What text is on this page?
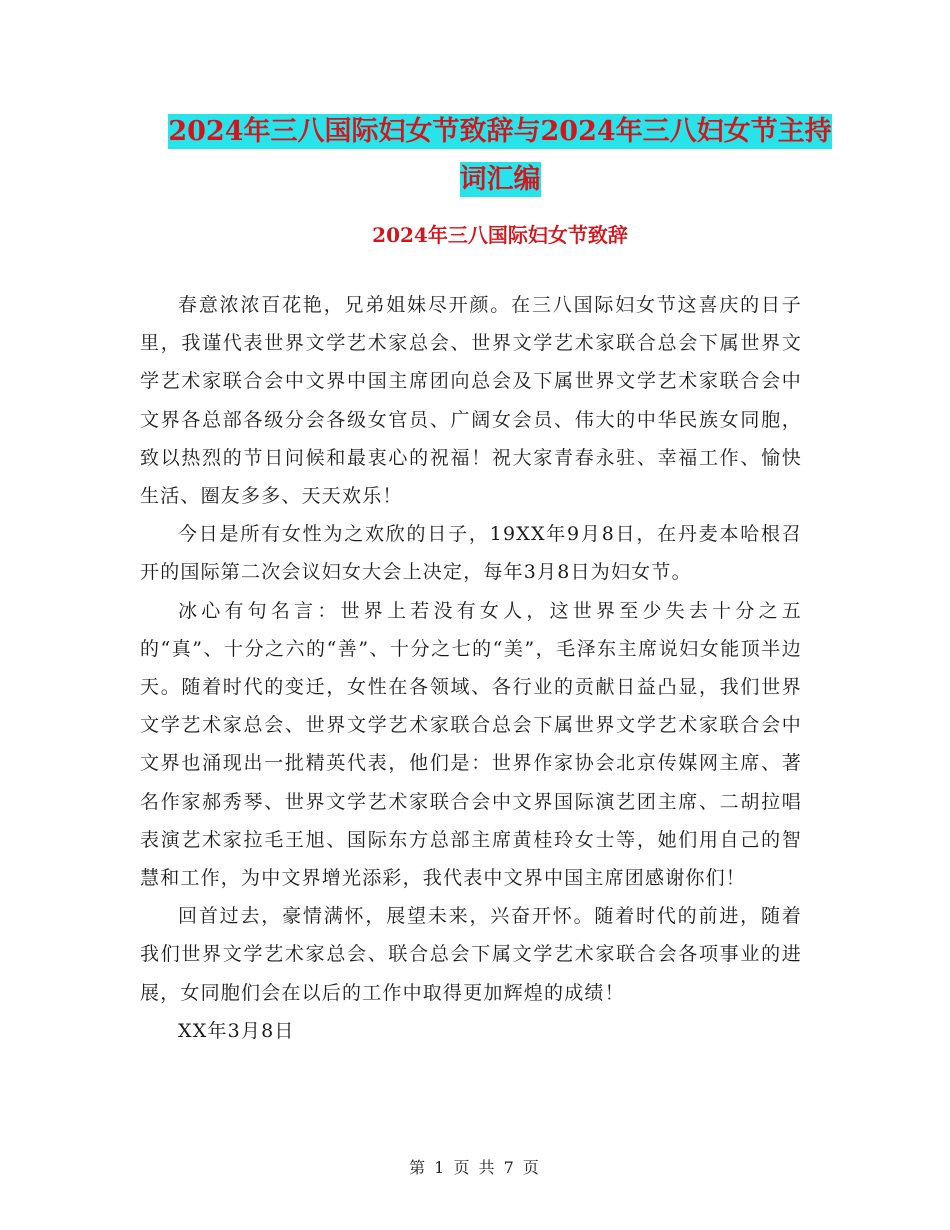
2024年三八国际妇女节致辞与2024年三八妇女节主持
词汇编
2024年三八国际妇女节致辞

春意浓浓百花艳，兄弟姐妹尽开颜。在三八国际妇女节这喜庆的日子里，我谨代表世界文学艺术家总会、世界文学艺术家联合总会下属世界文学艺术家联合会中文界中国主席团向总会及下属世界文学艺术家联合会中文界各总部各级分会各级女官员、广阔女会员、伟大的中华民族女同胞，致以热烈的节日问候和最衷心的祝福！祝大家青春永驻、幸福工作、愉快生活、圈友多多、天天欢乐！

今日是所有女性为之欢欣的日子，19XX年9月8日，在丹麦本哈根召开的国际第二次会议妇女大会上决定，每年3月8日为妇女节。

冰心有句名言：世界上若没有女人，这世界至少失去十分之五的“真”、十分之六的“善”、十分之七的“美”，毛泽东主席说妇女能顶半边天。随着时代的变迁，女性在各领域、各行业的贡献日益凸显，我们世界文学艺术家总会、世界文学艺术家联合总会下属世界文学艺术家联合会中文界也涌现出一批精英代表，他们是：世界作家协会北京传媒网主席、著名作家郝秀琴、世界文学艺术家联合会中文界国际演艺团主席、二胡拉唱表演艺术家拉毛王旭、国际东方总部主席黄桂玲女士等，她们用自己的智慧和工作，为中文界增光添彩，我代表中文界中国主席团感谢你们！

回首过去，豪情满怀，展望未来，兴奋开怀。随着时代的前进，随着我们世界文学艺术家总会、联合总会下属文学艺术家联合会各项事业的进展，女同胞们会在以后的工作中取得更加辉煌的成绩！

XX年3月8日

第 1 页 共 7 页
